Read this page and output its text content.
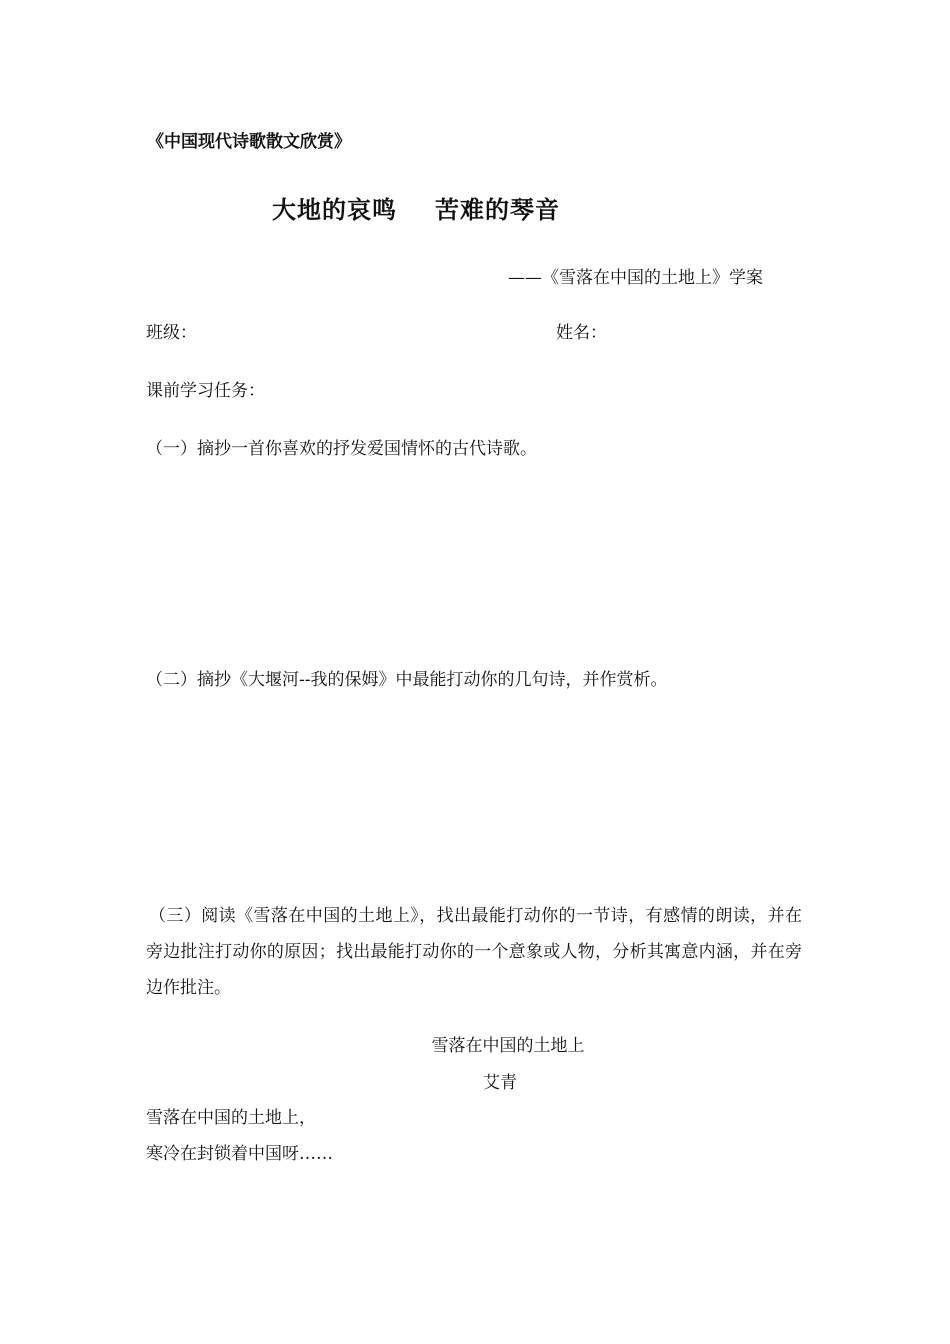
《中国现代诗歌散文欣赏》
大地的哀鸣 苦难的琴音
——《雪落在中国的土地上》学案
班级：	姓名：
课前学习任务：
（一）摘抄一首你喜欢的抒发爱国情怀的古代诗歌。
（二）摘抄《大堰河--我的保姆》中最能打动你的几句诗，并作赏析。
（三）阅读《雪落在中国的土地上》，找出最能打动你的一节诗，有感情的朗读，并在旁边批注打动你的原因；找出最能打动你的一个意象或人物，分析其寓意内涵，并在旁边作批注。
雪落在中国的土地上
艾青
雪落在中国的土地上，
寒冷在封锁着中国呀……
